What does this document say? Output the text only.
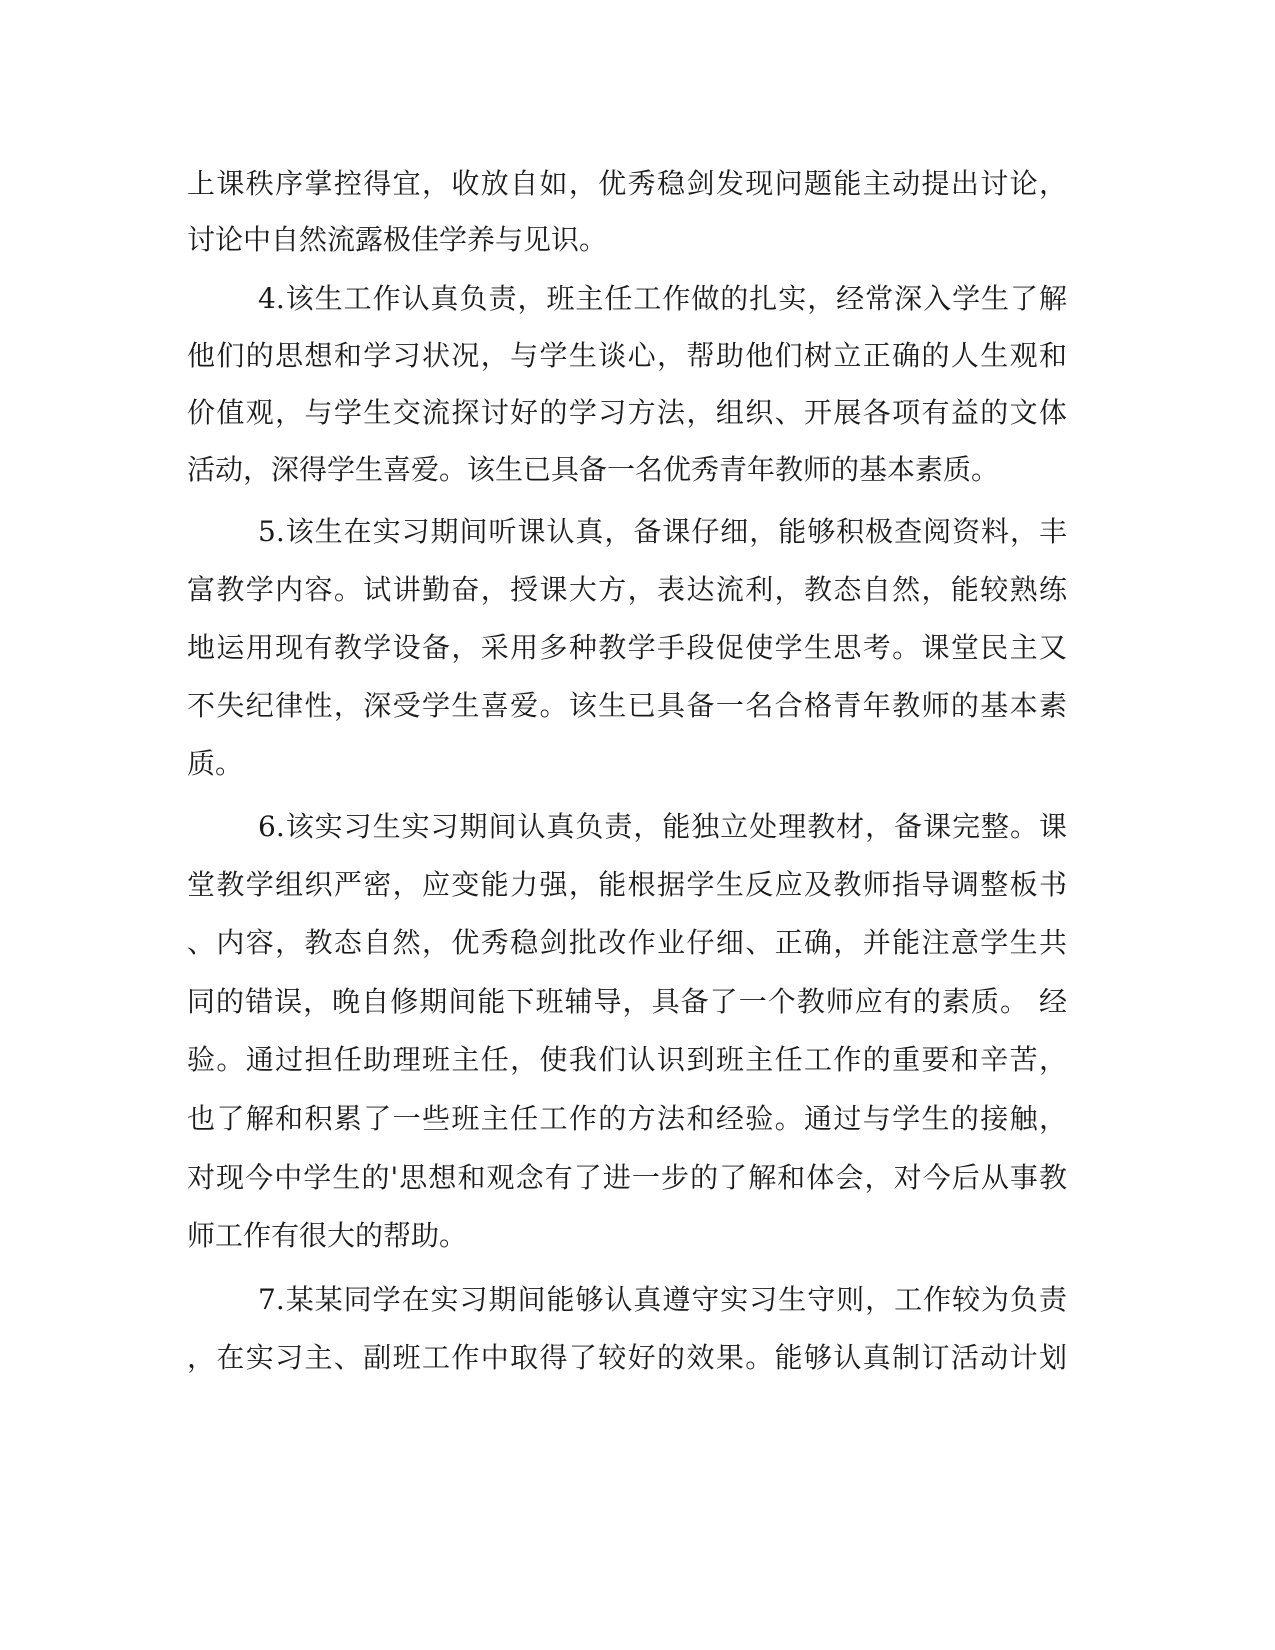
上课秩序掌控得宜，收放自如，优秀稳剑发现问题能主动提出讨论，
讨论中自然流露极佳学养与见识。
4.该生工作认真负责，班主任工作做的扎实，经常深入学生了解
他们的思想和学习状况，与学生谈心，帮助他们树立正确的人生观和
价值观，与学生交流探讨好的学习方法，组织、开展各项有益的文体
活动，深得学生喜爱。该生已具备一名优秀青年教师的基本素质。
5.该生在实习期间听课认真，备课仔细，能够积极查阅资料，丰
富教学内容。试讲勤奋，授课大方，表达流利，教态自然，能较熟练
地运用现有教学设备，采用多种教学手段促使学生思考。课堂民主又
不失纪律性，深受学生喜爱。该生已具备一名合格青年教师的基本素
质。
6.该实习生实习期间认真负责，能独立处理教材，备课完整。课
堂教学组织严密，应变能力强，能根据学生反应及教师指导调整板书
、内容，教态自然，优秀稳剑批改作业仔细、正确，并能注意学生共
同的错误，晚自修期间能下班辅导，具备了一个教师应有的素质。 经
验。通过担任助理班主任，使我们认识到班主任工作的重要和辛苦，
也了解和积累了一些班主任工作的方法和经验。通过与学生的接触，
对现今中学生的'思想和观念有了进一步的了解和体会，对今后从事教
师工作有很大的帮助。
7.某某同学在实习期间能够认真遵守实习生守则，工作较为负责
，在实习主、副班工作中取得了较好的效果。能够认真制订活动计划
